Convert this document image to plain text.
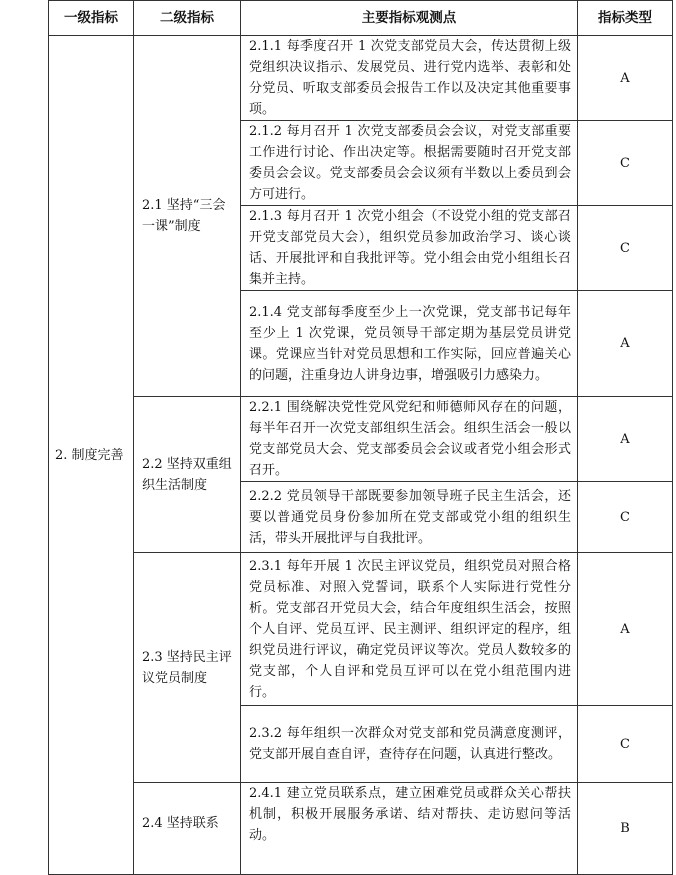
一级指标	二级指标	主要指标观测点	指标类型
2. 制度完善	2.1 坚持“三会一课”制度	2.1.1 每季度召开 1 次党支部党员大会，传达贯彻上级党组织决议指示、发展党员、进行党内选举、表彰和处分党员、听取支部委员会报告工作以及决定其他重要事项。	A
		2.1.2 每月召开 1 次党支部委员会会议，对党支部重要工作进行讨论、作出决定等。根据需要随时召开党支部委员会会议。党支部委员会会议须有半数以上委员到会方可进行。	C
		2.1.3 每月召开 1 次党小组会（不设党小组的党支部召开党支部党员大会），组织党员参加政治学习、谈心谈话、开展批评和自我批评等。党小组会由党小组组长召集并主持。	C
		2.1.4 党支部每季度至少上一次党课，党支部书记每年至少上 1 次党课，党员领导干部定期为基层党员讲党课。党课应当针对党员思想和工作实际，回应普遍关心的问题，注重身边人讲身边事，增强吸引力感染力。	A
	2.2 坚持双重组织生活制度	2.2.1 围绕解决党性党风党纪和师德师风存在的问题，每半年召开一次党支部组织生活会。组织生活会一般以党支部党员大会、党支部委员会会议或者党小组会形式召开。	A
		2.2.2 党员领导干部既要参加领导班子民主生活会，还要以普通党员身份参加所在党支部或党小组的组织生活，带头开展批评与自我批评。	C
	2.3 坚持民主评议党员制度	2.3.1 每年开展 1 次民主评议党员，组织党员对照合格党员标准、对照入党誓词，联系个人实际进行党性分析。党支部召开党员大会，结合年度组织生活会，按照个人自评、党员互评、民主测评、组织评定的程序，组织党员进行评议，确定党员评议等次。党员人数较多的党支部，个人自评和党员互评可以在党小组范围内进行。	A
		2.3.2 每年组织一次群众对党支部和党员满意度测评，党支部开展自查自评，查待存在问题，认真进行整改。	C
	2.4 坚持联系	2.4.1 建立党员联系点，建立困难党员或群众关心帮扶机制，积极开展服务承诺、结对帮扶、走访慰问等活动。	B
